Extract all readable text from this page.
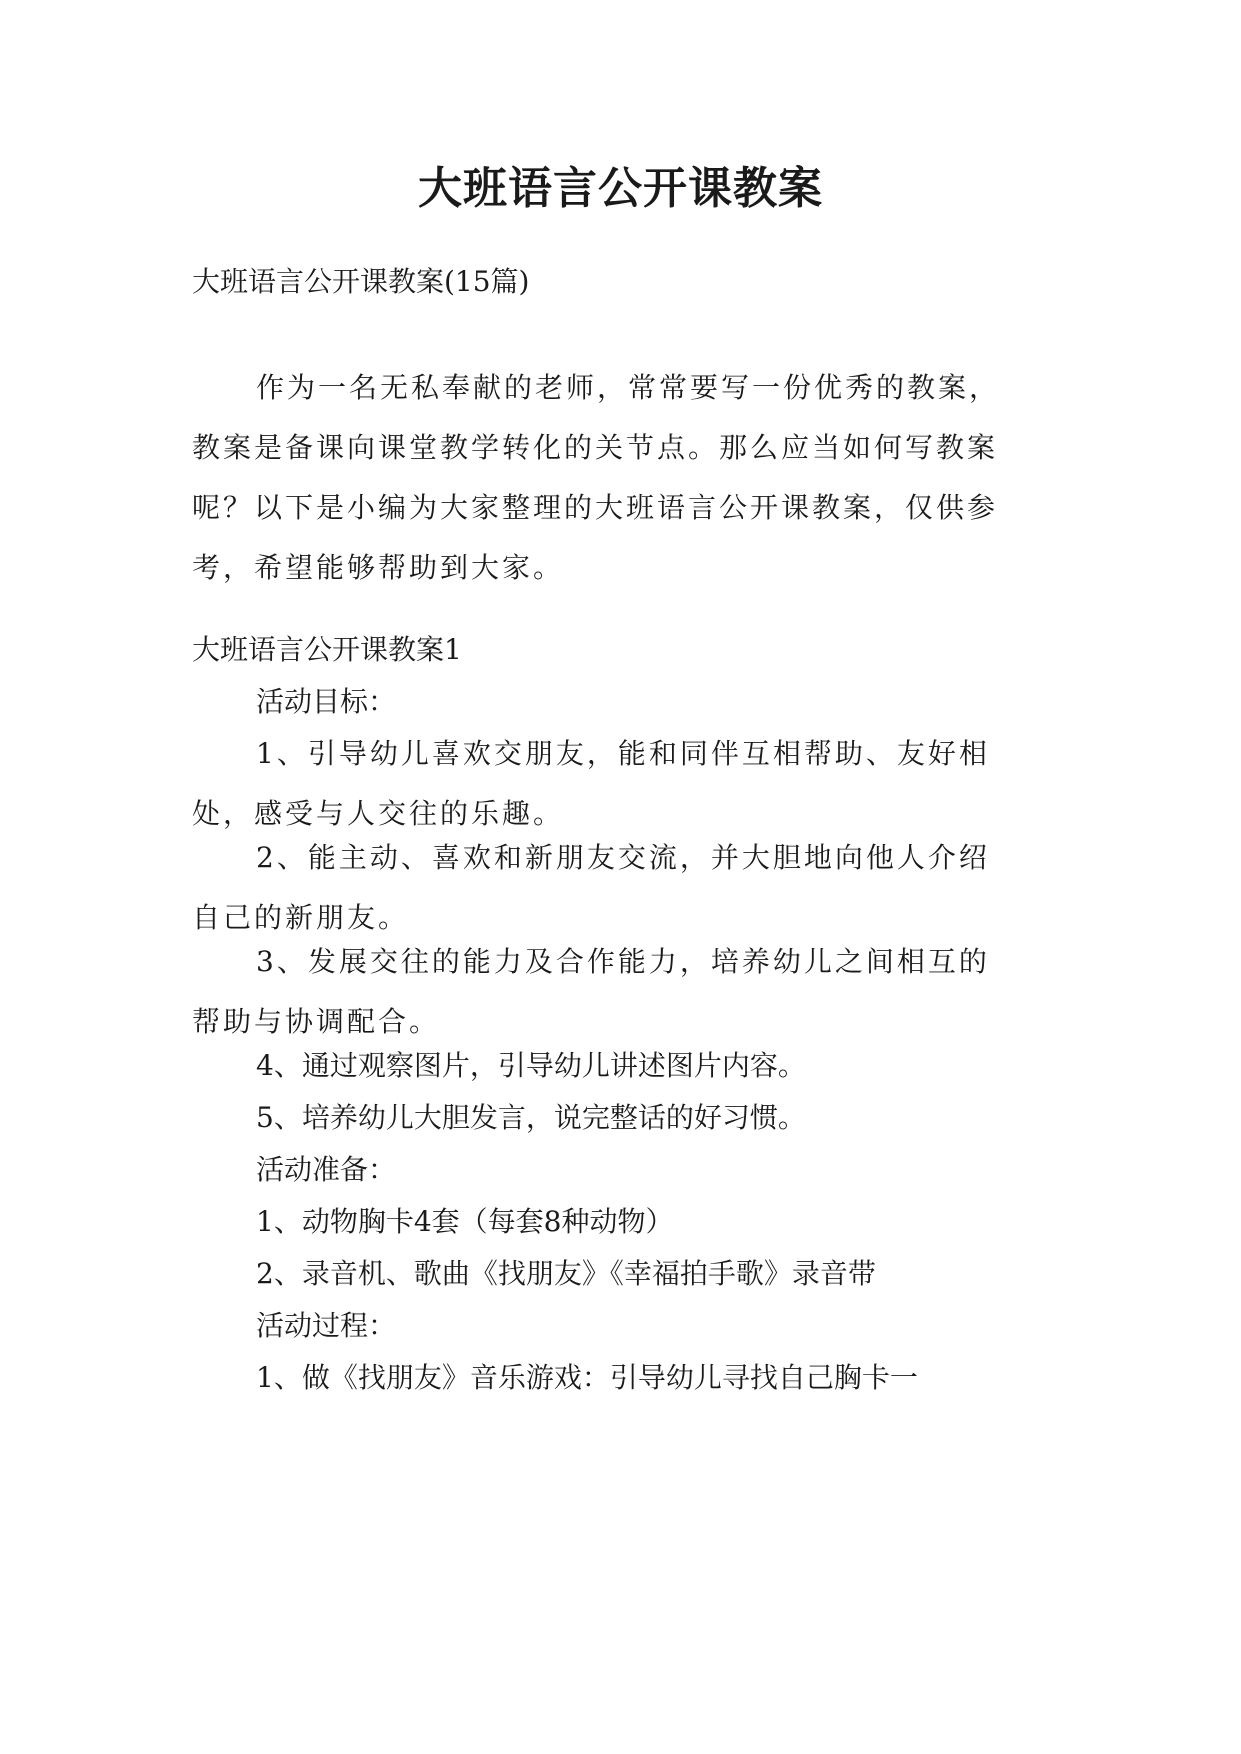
大班语言公开课教案

大班语言公开课教案(15篇)

作为一名无私奉献的老师，常常要写一份优秀的教案，
教案是备课向课堂教学转化的关节点。那么应当如何写教案
呢？以下是小编为大家整理的大班语言公开课教案，仅供参
考，希望能够帮助到大家。

大班语言公开课教案1

活动目标：

1、引导幼儿喜欢交朋友，能和同伴互相帮助、友好相
处，感受与人交往的乐趣。
2、能主动、喜欢和新朋友交流，并大胆地向他人介绍
自己的新朋友。
3、发展交往的能力及合作能力，培养幼儿之间相互的
帮助与协调配合。

4、通过观察图片，引导幼儿讲述图片内容。

5、培养幼儿大胆发言，说完整话的好习惯。

活动准备：

1、动物胸卡4套（每套8种动物）

2、录音机、歌曲《找朋友》《幸福拍手歌》录音带

活动过程：

1、做《找朋友》音乐游戏：引导幼儿寻找自己胸卡一
